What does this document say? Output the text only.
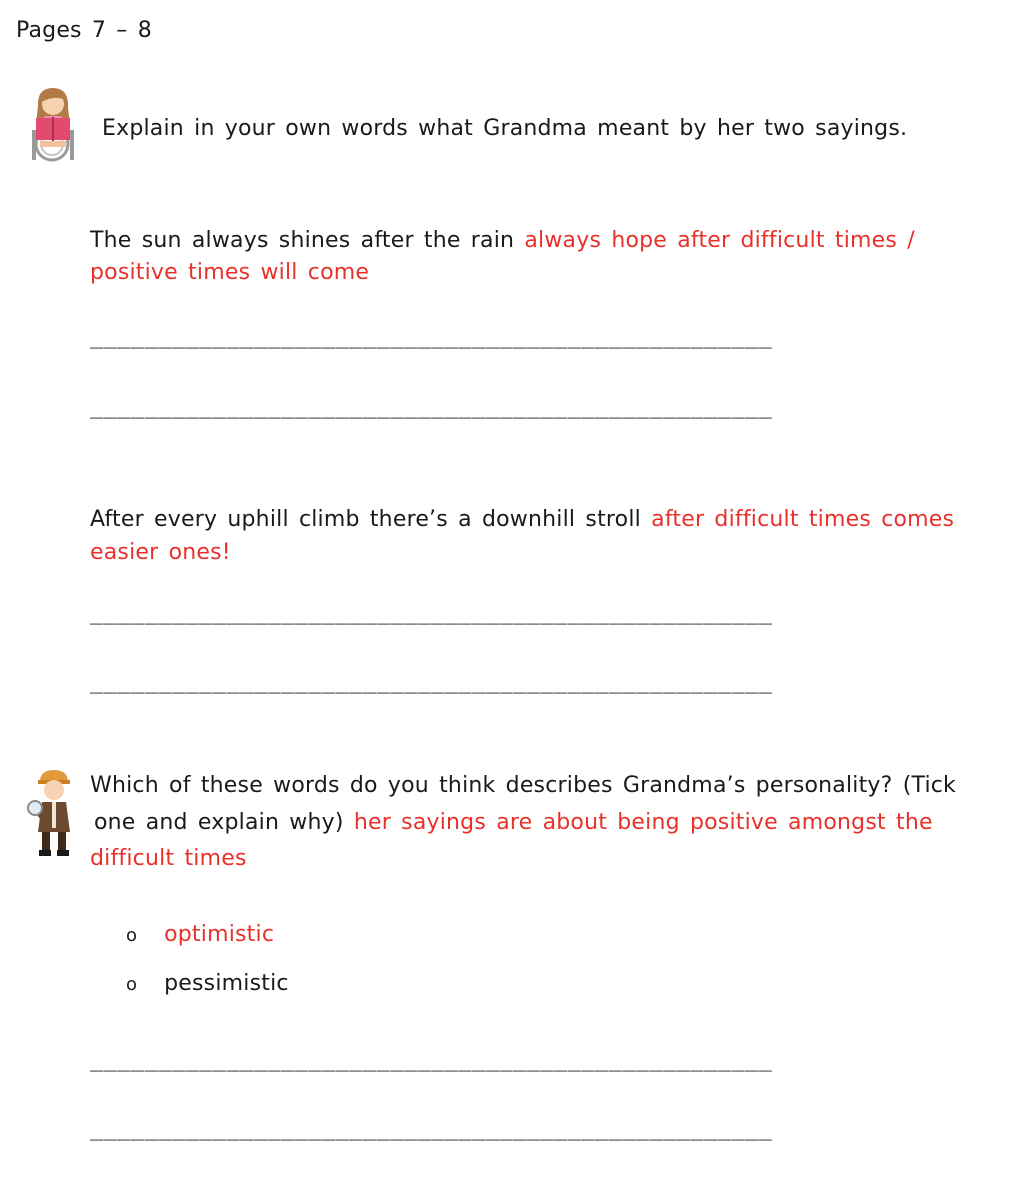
Pages 7 – 8
Explain in your own words what Grandma meant by her two sayings.
The sun always shines after the rain always hope after difficult times /
positive times will come
__________________________________________________
__________________________________________________
After every uphill climb there’s a downhill stroll after difficult times comes
easier ones!
__________________________________________________
__________________________________________________
Which of these words do you think describes Grandma’s personality? (Tick
one and explain why) her sayings are about being positive amongst the
difficult times
o optimistic
o pessimistic
__________________________________________________
__________________________________________________
